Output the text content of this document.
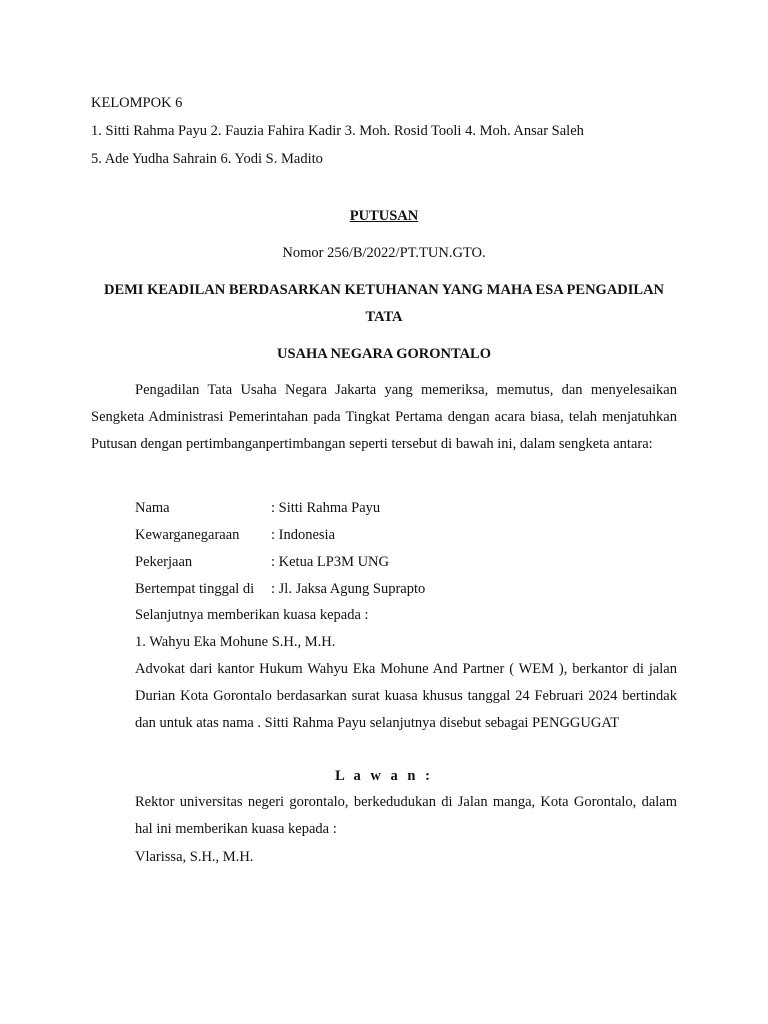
KELOMPOK 6
1. Sitti Rahma Payu 2. Fauzia Fahira Kadir 3. Moh. Rosid Tooli 4. Moh. Ansar Saleh
5. Ade Yudha Sahrain 6. Yodi S. Madito
PUTUSAN
Nomor 256/B/2022/PT.TUN.GTO.
DEMI KEADILAN BERDASARKAN KETUHANAN YANG MAHA ESA PENGADILAN
TATA
USAHA NEGARA GORONTALO
Pengadilan Tata Usaha Negara Jakarta yang memeriksa, memutus, dan menyelesaikan Sengketa Administrasi Pemerintahan pada Tingkat Pertama dengan acara biasa, telah menjatuhkan Putusan dengan pertimbanganpertimbangan seperti tersebut di bawah ini, dalam sengketa antara:
Nama	: Sitti Rahma Payu
Kewarganegaraan : Indonesia
Pekerjaan	: Ketua LP3M UNG
Bertempat tinggal di : Jl. Jaksa Agung Suprapto
Selanjutnya memberikan kuasa kepada :
1. Wahyu Eka Mohune S.H., M.H.
Advokat dari kantor Hukum Wahyu Eka Mohune And Partner ( WEM ), berkantor di jalan Durian Kota Gorontalo berdasarkan surat kuasa khusus tanggal 24 Februari 2024 bertindak dan untuk atas nama . Sitti Rahma Payu selanjutnya disebut sebagai PENGGUGAT
L a w a n :
Rektor universitas negeri gorontalo, berkedudukan di Jalan manga, Kota Gorontalo, dalam hal ini memberikan kuasa kepada :
Vlarissa, S.H., M.H.
